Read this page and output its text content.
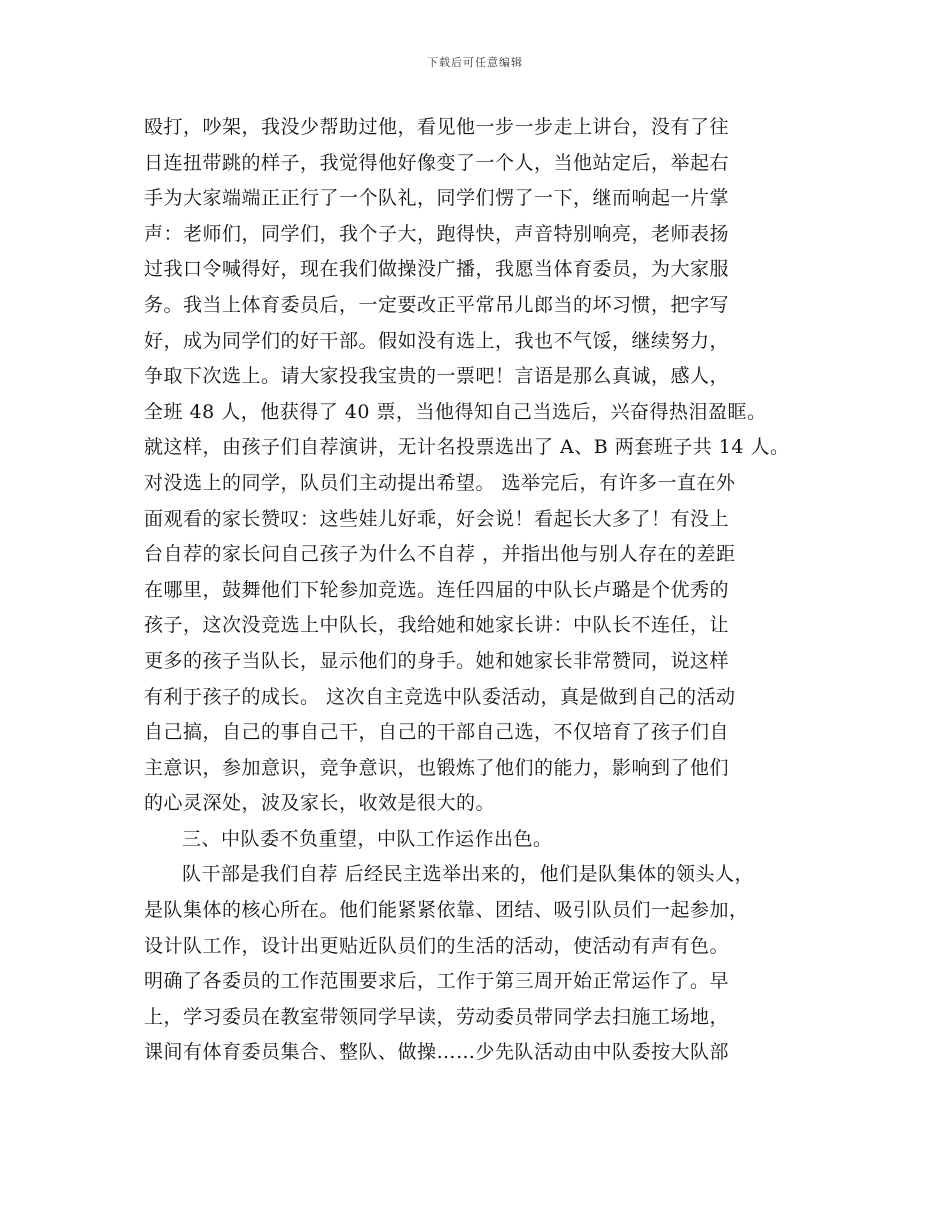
下载后可任意编辑
殴打，吵架，我没少帮助过他，看见他一步一步走上讲台，没有了往
日连扭带跳的样子，我觉得他好像变了一个人，当他站定后，举起右
手为大家端端正正行了一个队礼，同学们愣了一下，继而响起一片掌
声：老师们，同学们，我个子大，跑得快，声音特别响亮，老师表扬
过我口令喊得好，现在我们做操没广播，我愿当体育委员，为大家服
务。我当上体育委员后，一定要改正平常吊儿郎当的坏习惯，把字写
好，成为同学们的好干部。假如没有选上，我也不气馁，继续努力，
争取下次选上。请大家投我宝贵的一票吧！言语是那么真诚，感人，
全班 48 人，他获得了 40 票，当他得知自己当选后，兴奋得热泪盈眶。
就这样，由孩子们自荐演讲，无计名投票选出了 A、B 两套班子共 14 人。
对没选上的同学，队员们主动提出希望。 选举完后，有许多一直在外
面观看的家长赞叹：这些娃儿好乖，好会说！看起长大多了！有没上
台自荐的家长问自己孩子为什么不自荐 ，并指出他与别人存在的差距
在哪里，鼓舞他们下轮参加竞选。连任四届的中队长卢璐是个优秀的
孩子，这次没竞选上中队长，我给她和她家长讲：中队长不连任，让
更多的孩子当队长，显示他们的身手。她和她家长非常赞同，说这样
有利于孩子的成长。 这次自主竞选中队委活动，真是做到自己的活动
自己搞，自己的事自己干，自己的干部自己选，不仅培育了孩子们自
主意识，参加意识，竞争意识，也锻炼了他们的能力，影响到了他们
的心灵深处，波及家长，收效是很大的。
三、中队委不负重望，中队工作运作出色。
队干部是我们自荐 后经民主选举出来的，他们是队集体的领头人，
是队集体的核心所在。他们能紧紧依靠、团结、吸引队员们一起参加，
设计队工作，设计出更贴近队员们的生活的活动，使活动有声有色。
明确了各委员的工作范围要求后，工作于第三周开始正常运作了。早
上，学习委员在教室带领同学早读，劳动委员带同学去扫施工场地，
课间有体育委员集合、整队、做操……少先队活动由中队委按大队部
